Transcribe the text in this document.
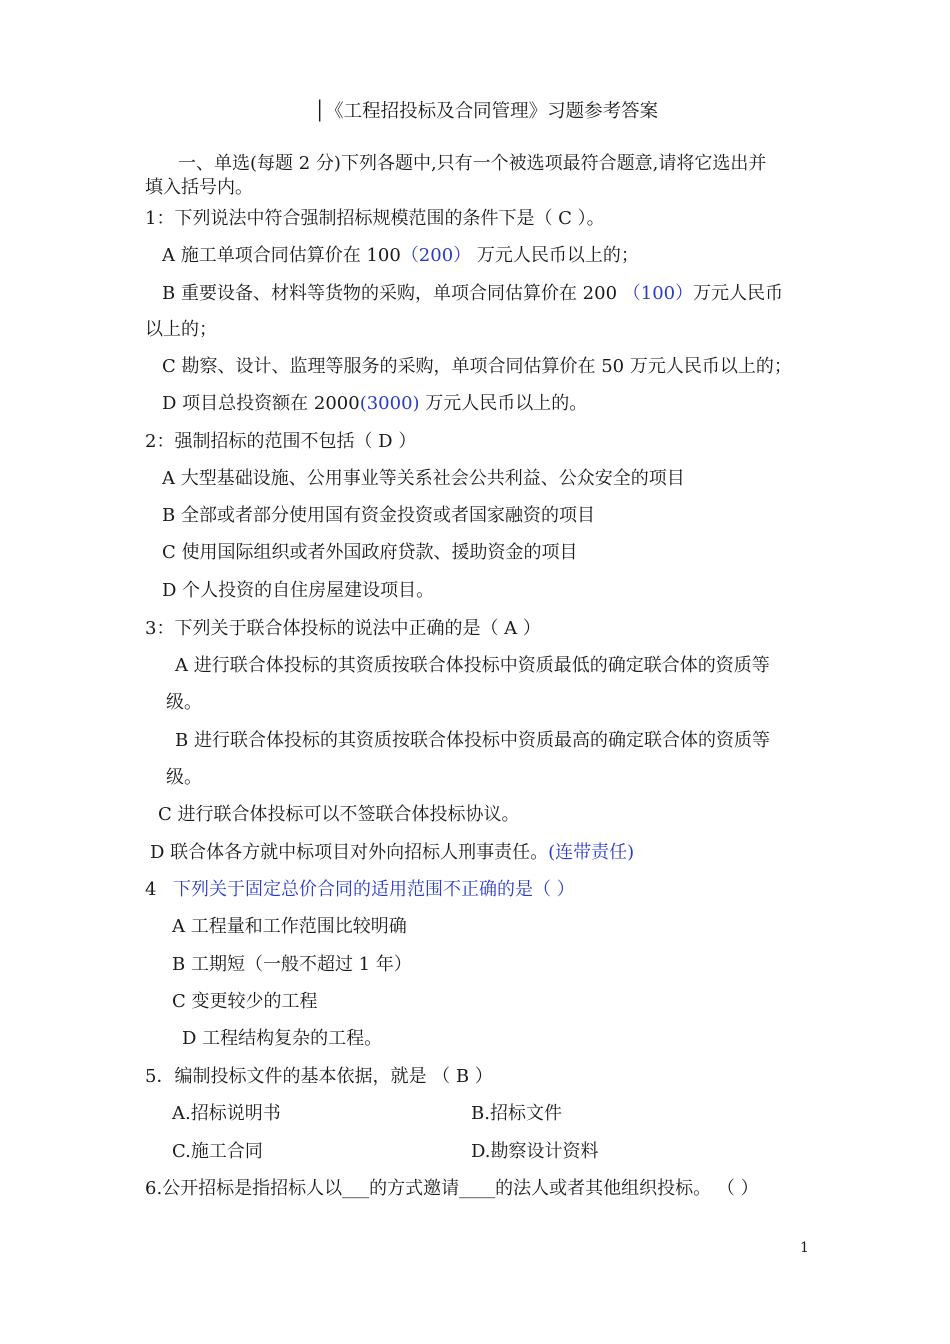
│《工程招投标及合同管理》习题参考答案
一、单选(每题 2 分)下列各题中,只有一个被选项最符合题意,请将它选出并
填入括号内。
1：下列说法中符合强制招标规模范围的条件下是（ C ）。
A 施工单项合同估算价在 100（200） 万元人民币以上的；
B 重要设备、材料等货物的采购，单项合同估算价在 200 （100）万元人民币
以上的；
C 勘察、设计、监理等服务的采购，单项合同估算价在 50 万元人民币以上的；
D 项目总投资额在 2000(3000) 万元人民币以上的。
2：强制招标的范围不包括（ D ）
A 大型基础设施、公用事业等关系社会公共利益、公众安全的项目
B 全部或者部分使用国有资金投资或者国家融资的项目
C 使用国际组织或者外国政府贷款、援助资金的项目
D 个人投资的自住房屋建设项目。
3：下列关于联合体投标的说法中正确的是（ A ）
A 进行联合体投标的其资质按联合体投标中资质最低的确定联合体的资质等
级。
B 进行联合体投标的其资质按联合体投标中资质最高的确定联合体的资质等
级。
C 进行联合体投标可以不签联合体投标协议。
D 联合体各方就中标项目对外向招标人刑事责任。(连带责任)
4 下列关于固定总价合同的适用范围不正确的是（ ）
A 工程量和工作范围比较明确
B 工期短（一般不超过 1 年）
C 变更较少的工程
D 工程结构复杂的工程。
5．编制投标文件的基本依据，就是 （ B ）
A.招标说明书	B.招标文件
C.施工合同	D.勘察设计资料
6.公开招标是指招标人以___的方式邀请____的法人或者其他组织投标。 （ ）
1
